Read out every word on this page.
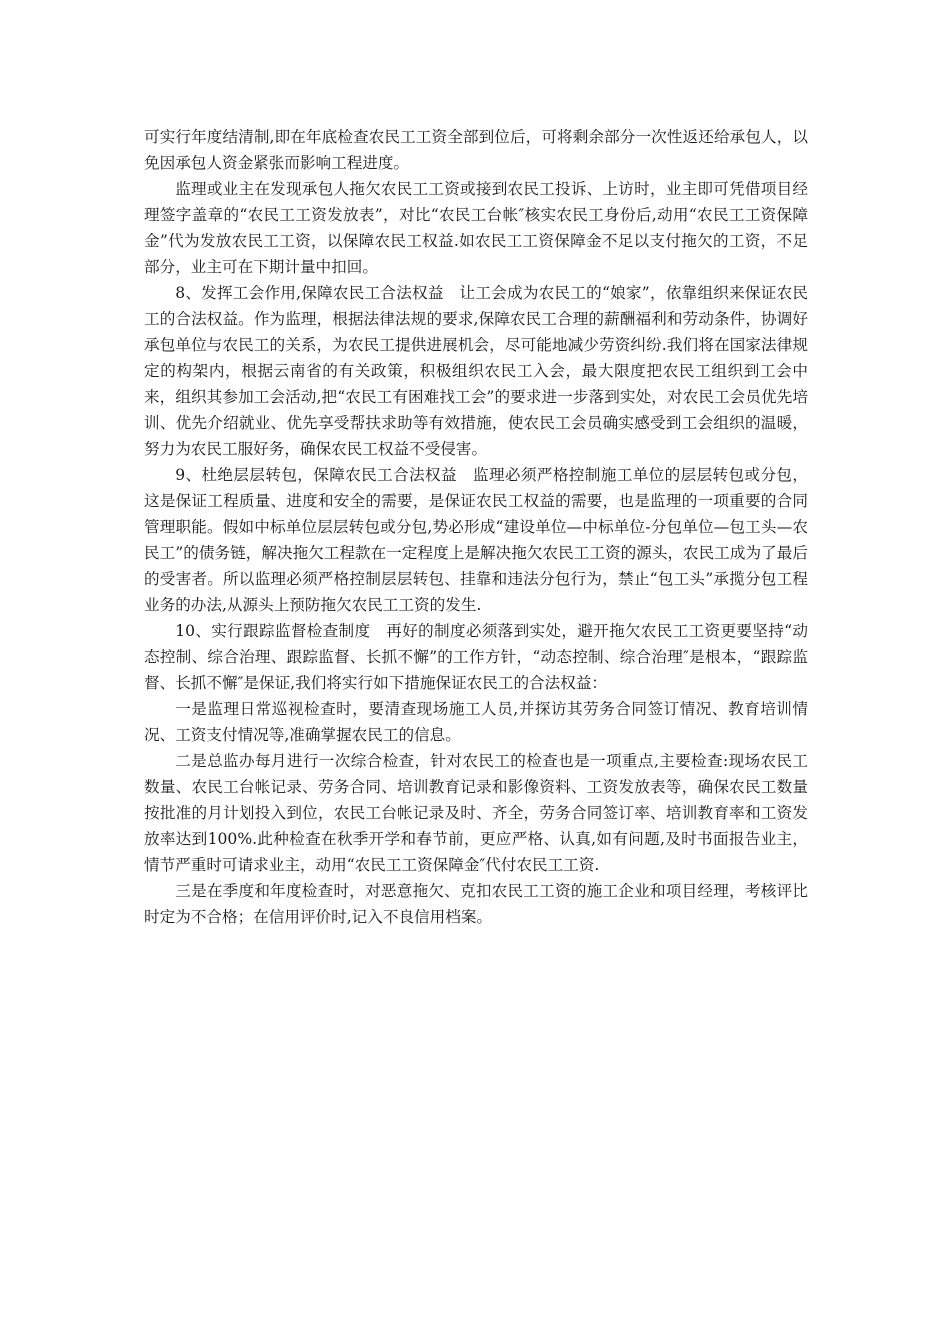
可实行年度结清制,即在年底检查农民工工资全部到位后，可将剩余部分一次性返还给承包人，以免因承包人资金紧张而影响工程进度。

监理或业主在发现承包人拖欠农民工工资或接到农民工投诉、上访时，业主即可凭借项目经理签字盖章的“农民工工资发放表”，对比“农民工台帐″核实农民工身份后,动用“农民工工资保障金”代为发放农民工工资，以保障农民工权益.如农民工工资保障金不足以支付拖欠的工资，不足部分，业主可在下期计量中扣回。

8、发挥工会作用,保障农民工合法权益　让工会成为农民工的“娘家”，依靠组织来保证农民工的合法权益。作为监理，根据法律法规的要求,保障农民工合理的薪酬福利和劳动条件，协调好承包单位与农民工的关系，为农民工提供进展机会，尽可能地减少劳资纠纷.我们将在国家法律规定的构架内，根据云南省的有关政策，积极组织农民工入会，最大限度把农民工组织到工会中来，组织其参加工会活动,把“农民工有困难找工会”的要求进一步落到实处，对农民工会员优先培训、优先介绍就业、优先享受帮扶求助等有效措施，使农民工会员确实感受到工会组织的温暖，努力为农民工服好务，确保农民工权益不受侵害。

9、杜绝层层转包，保障农民工合法权益　监理必须严格控制施工单位的层层转包或分包，这是保证工程质量、进度和安全的需要，是保证农民工权益的需要，也是监理的一项重要的合同管理职能。假如中标单位层层转包或分包,势必形成“建设单位—中标单位-分包单位—包工头—农民工”的债务链，解决拖欠工程款在一定程度上是解决拖欠农民工工资的源头，农民工成为了最后的受害者。所以监理必须严格控制层层转包、挂靠和违法分包行为，禁止“包工头”承揽分包工程业务的办法,从源头上预防拖欠农民工工资的发生.

10、实行跟踪监督检查制度　再好的制度必须落到实处，避开拖欠农民工工资更要坚持“动态控制、综合治理、跟踪监督、长抓不懈”的工作方针，“动态控制、综合治理″是根本，“跟踪监督、长抓不懈″是保证,我们将实行如下措施保证农民工的合法权益：

一是监理日常巡视检查时，要清查现场施工人员,并探访其劳务合同签订情况、教育培训情况、工资支付情况等,准确掌握农民工的信息。

二是总监办每月进行一次综合检查，针对农民工的检查也是一项重点,主要检查:现场农民工数量、农民工台帐记录、劳务合同、培训教育记录和影像资料、工资发放表等，确保农民工数量按批准的月计划投入到位，农民工台帐记录及时、齐全，劳务合同签订率、培训教育率和工资发放率达到100%.此种检查在秋季开学和春节前，更应严格、认真,如有问题,及时书面报告业主，情节严重时可请求业主，动用“农民工工资保障金″代付农民工工资.

三是在季度和年度检查时，对恶意拖欠、克扣农民工工资的施工企业和项目经理，考核评比时定为不合格；在信用评价时,记入不良信用档案。
